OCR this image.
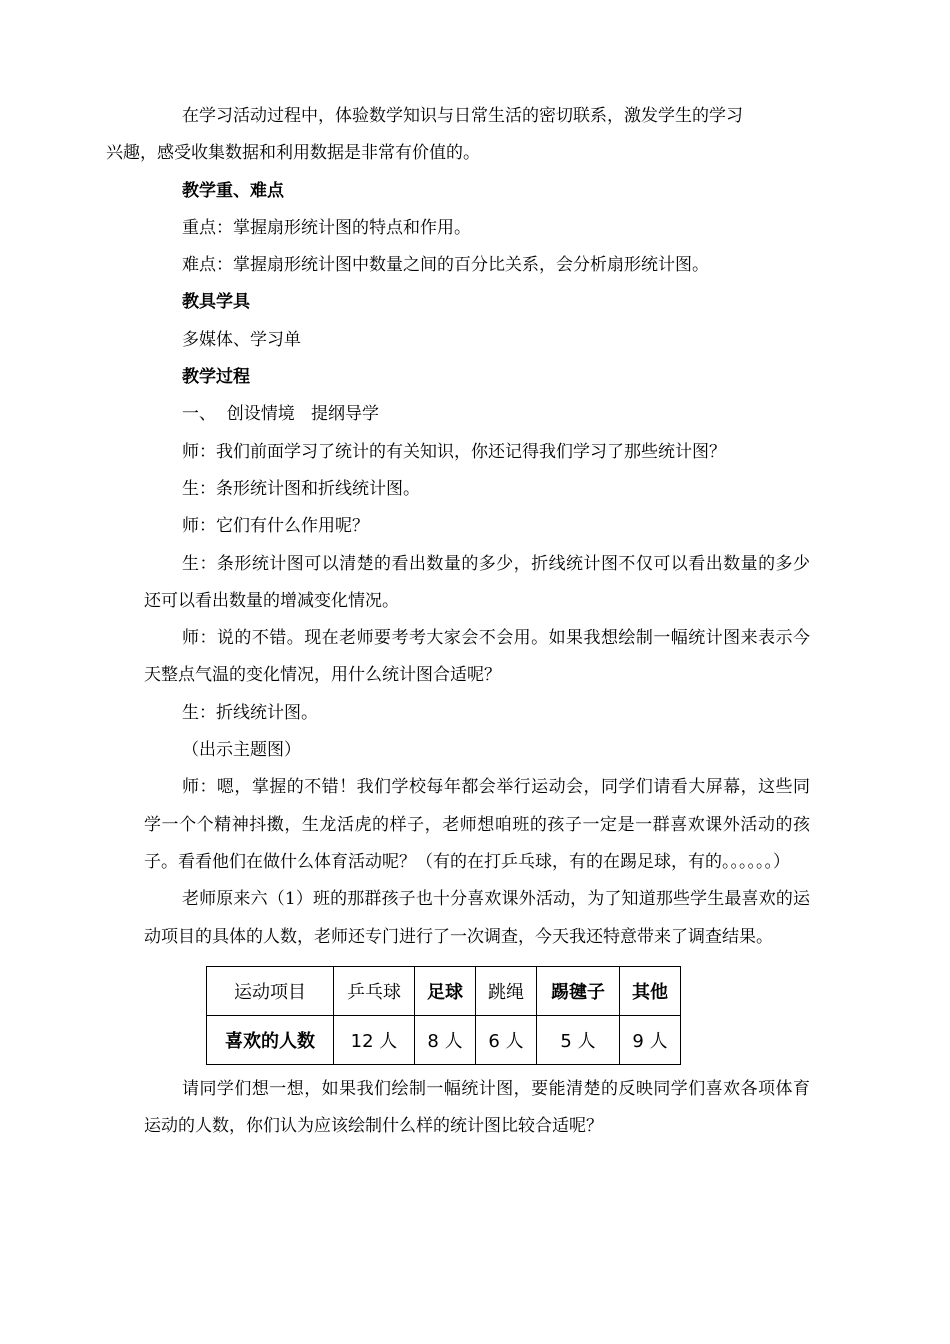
在学习活动过程中，体验数学知识与日常生活的密切联系，激发学生的学习
兴趣，感受收集数据和利用数据是非常有价值的。

教学重、难点

重点：掌握扇形统计图的特点和作用。

难点：掌握扇形统计图中数量之间的百分比关系，会分析扇形统计图。

教具学具

多媒体、学习单

教学过程

一、  创设情境   提纲导学

师：我们前面学习了统计的有关知识，你还记得我们学习了那些统计图？

生：条形统计图和折线统计图。

师：它们有什么作用呢？

生：条形统计图可以清楚的看出数量的多少，折线统计图不仅可以看出数量的多少还可以看出数量的增减变化情况。

师：说的不错。现在老师要考考大家会不会用。如果我想绘制一幅统计图来表示今天整点气温的变化情况，用什么统计图合适呢？

生：折线统计图。

（出示主题图）

师：嗯，掌握的不错！我们学校每年都会举行运动会，同学们请看大屏幕，这些同学一个个精神抖擞，生龙活虎的样子，老师想咱班的孩子一定是一群喜欢课外活动的孩子。看看他们在做什么体育活动呢？（有的在打乒乓球，有的在踢足球，有的。。。。。。）

老师原来六（1）班的那群孩子也十分喜欢课外活动，为了知道那些学生最喜欢的运动项目的具体的人数，老师还专门进行了一次调查，今天我还特意带来了调查结果。

运动项目	乒乓球	足球	跳绳	踢毽子	其他
喜欢的人数	12 人	8 人	6 人	5 人	9 人

请同学们想一想，如果我们绘制一幅统计图，要能清楚的反映同学们喜欢各项体育运动的人数，你们认为应该绘制什么样的统计图比较合适呢？
